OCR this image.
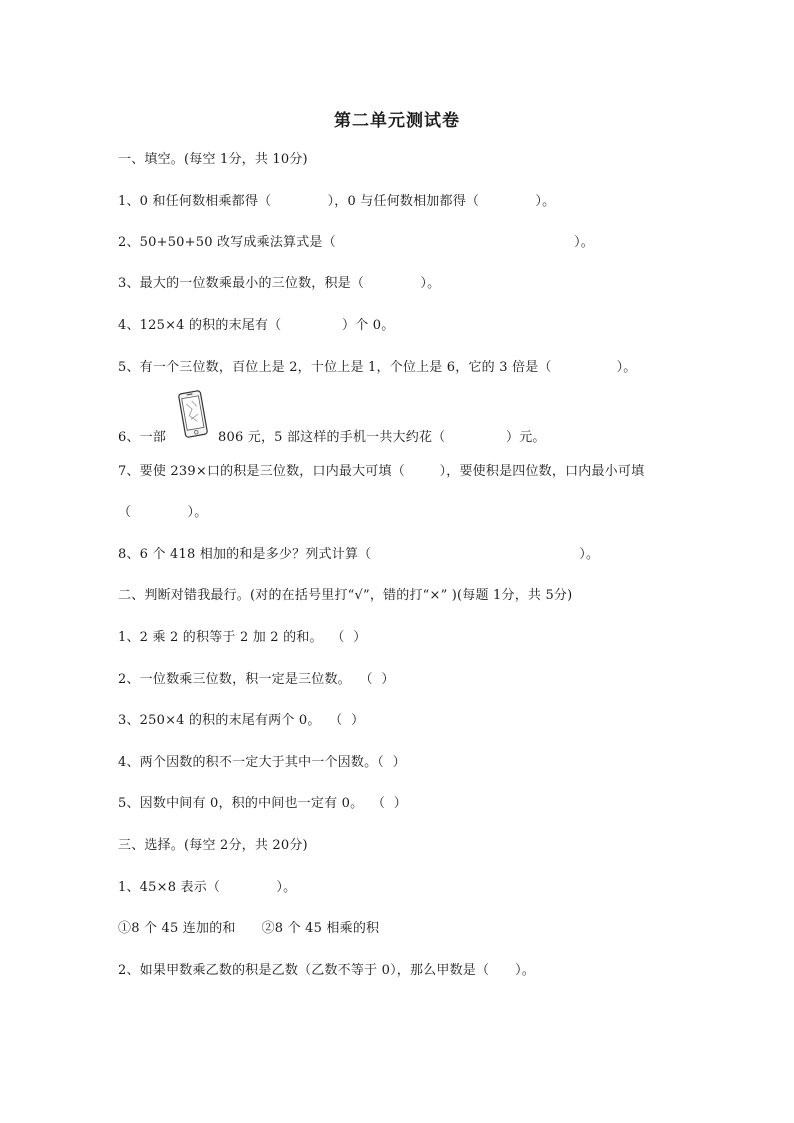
第二单元测试卷
一、填空。(每空 1分，共 10分)
1、0 和任何数相乘都得（             ），0 与任何数相加都得（             ）。
2、50+50+50 改写成乘法算式是（                                                       ）。
3、最大的一位数乘最小的三位数，积是（             ）。
4、125×4 的积的末尾有（              ）个 0。
5、有一个三位数，百位上是 2，十位上是 1，个位上是 6，它的 3 倍是（               ）。
6、一部	806 元，5 部这样的手机一共大约花（              ）元。
7、要使 239×口的积是三位数，口内最大可填（        ），要使积是四位数，口内最小可填
（             ）。
8、6 个 418 相加的和是多少？列式计算（                                                ）。
二、判断对错我最行。(对的在括号里打“√”，错的打“×” )(每题 1分，共 5分)
1、2 乘 2 的积等于 2 加 2 的和。  （  ）
2、一位数乘三位数，积一定是三位数。  （  ）
3、250×4 的积的末尾有两个 0。  （  ）
4、两个因数的积不一定大于其中一个因数。（  ）
5、因数中间有 0，积的中间也一定有 0。  （  ）
三、选择。(每空 2分，共 20分)
1、45×8 表示（             ）。
①8 个 45 连加的和      ②8 个 45 相乘的积
2、如果甲数乘乙数的积是乙数（乙数不等于 0），那么甲数是（      ）。
